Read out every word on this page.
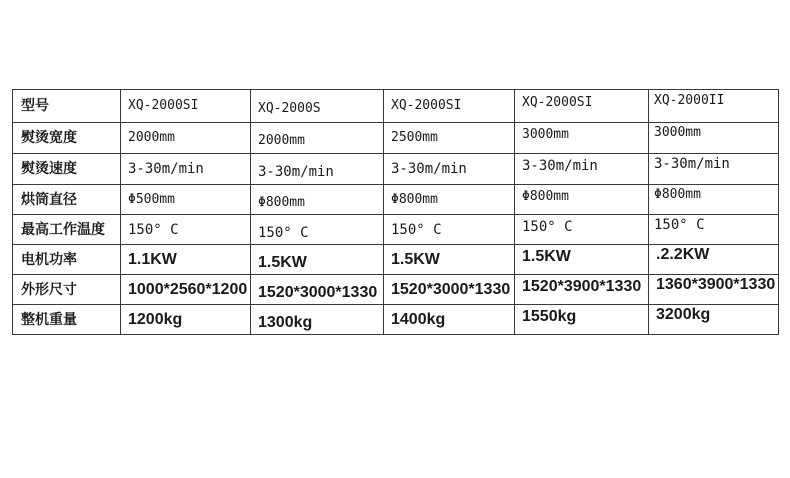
型号	XQ-2000SI	XQ-2000S	XQ-2000SI	XQ-2000SI	XQ-2000II
熨烫宽度	2000mm	2000mm	2500mm	3000mm	3000mm
熨烫速度	3-30m/min	3-30m/min	3-30m/min	3-30m/min	3-30m/min
烘筒直径	Φ500mm	Φ800mm	Φ800mm	Φ800mm	Φ800mm
最高工作温度	150° C	150° C	150° C	150° C	150° C
电机功率	1.1KW	1.5KW	1.5KW	1.5KW	.2.2KW
外形尺寸	1000*2560*1200	1520*3000*1330	1520*3000*1330	1520*3900*1330	1360*3900*1330
整机重量	1200kg	1300kg	1400kg	1550kg	3200kg
